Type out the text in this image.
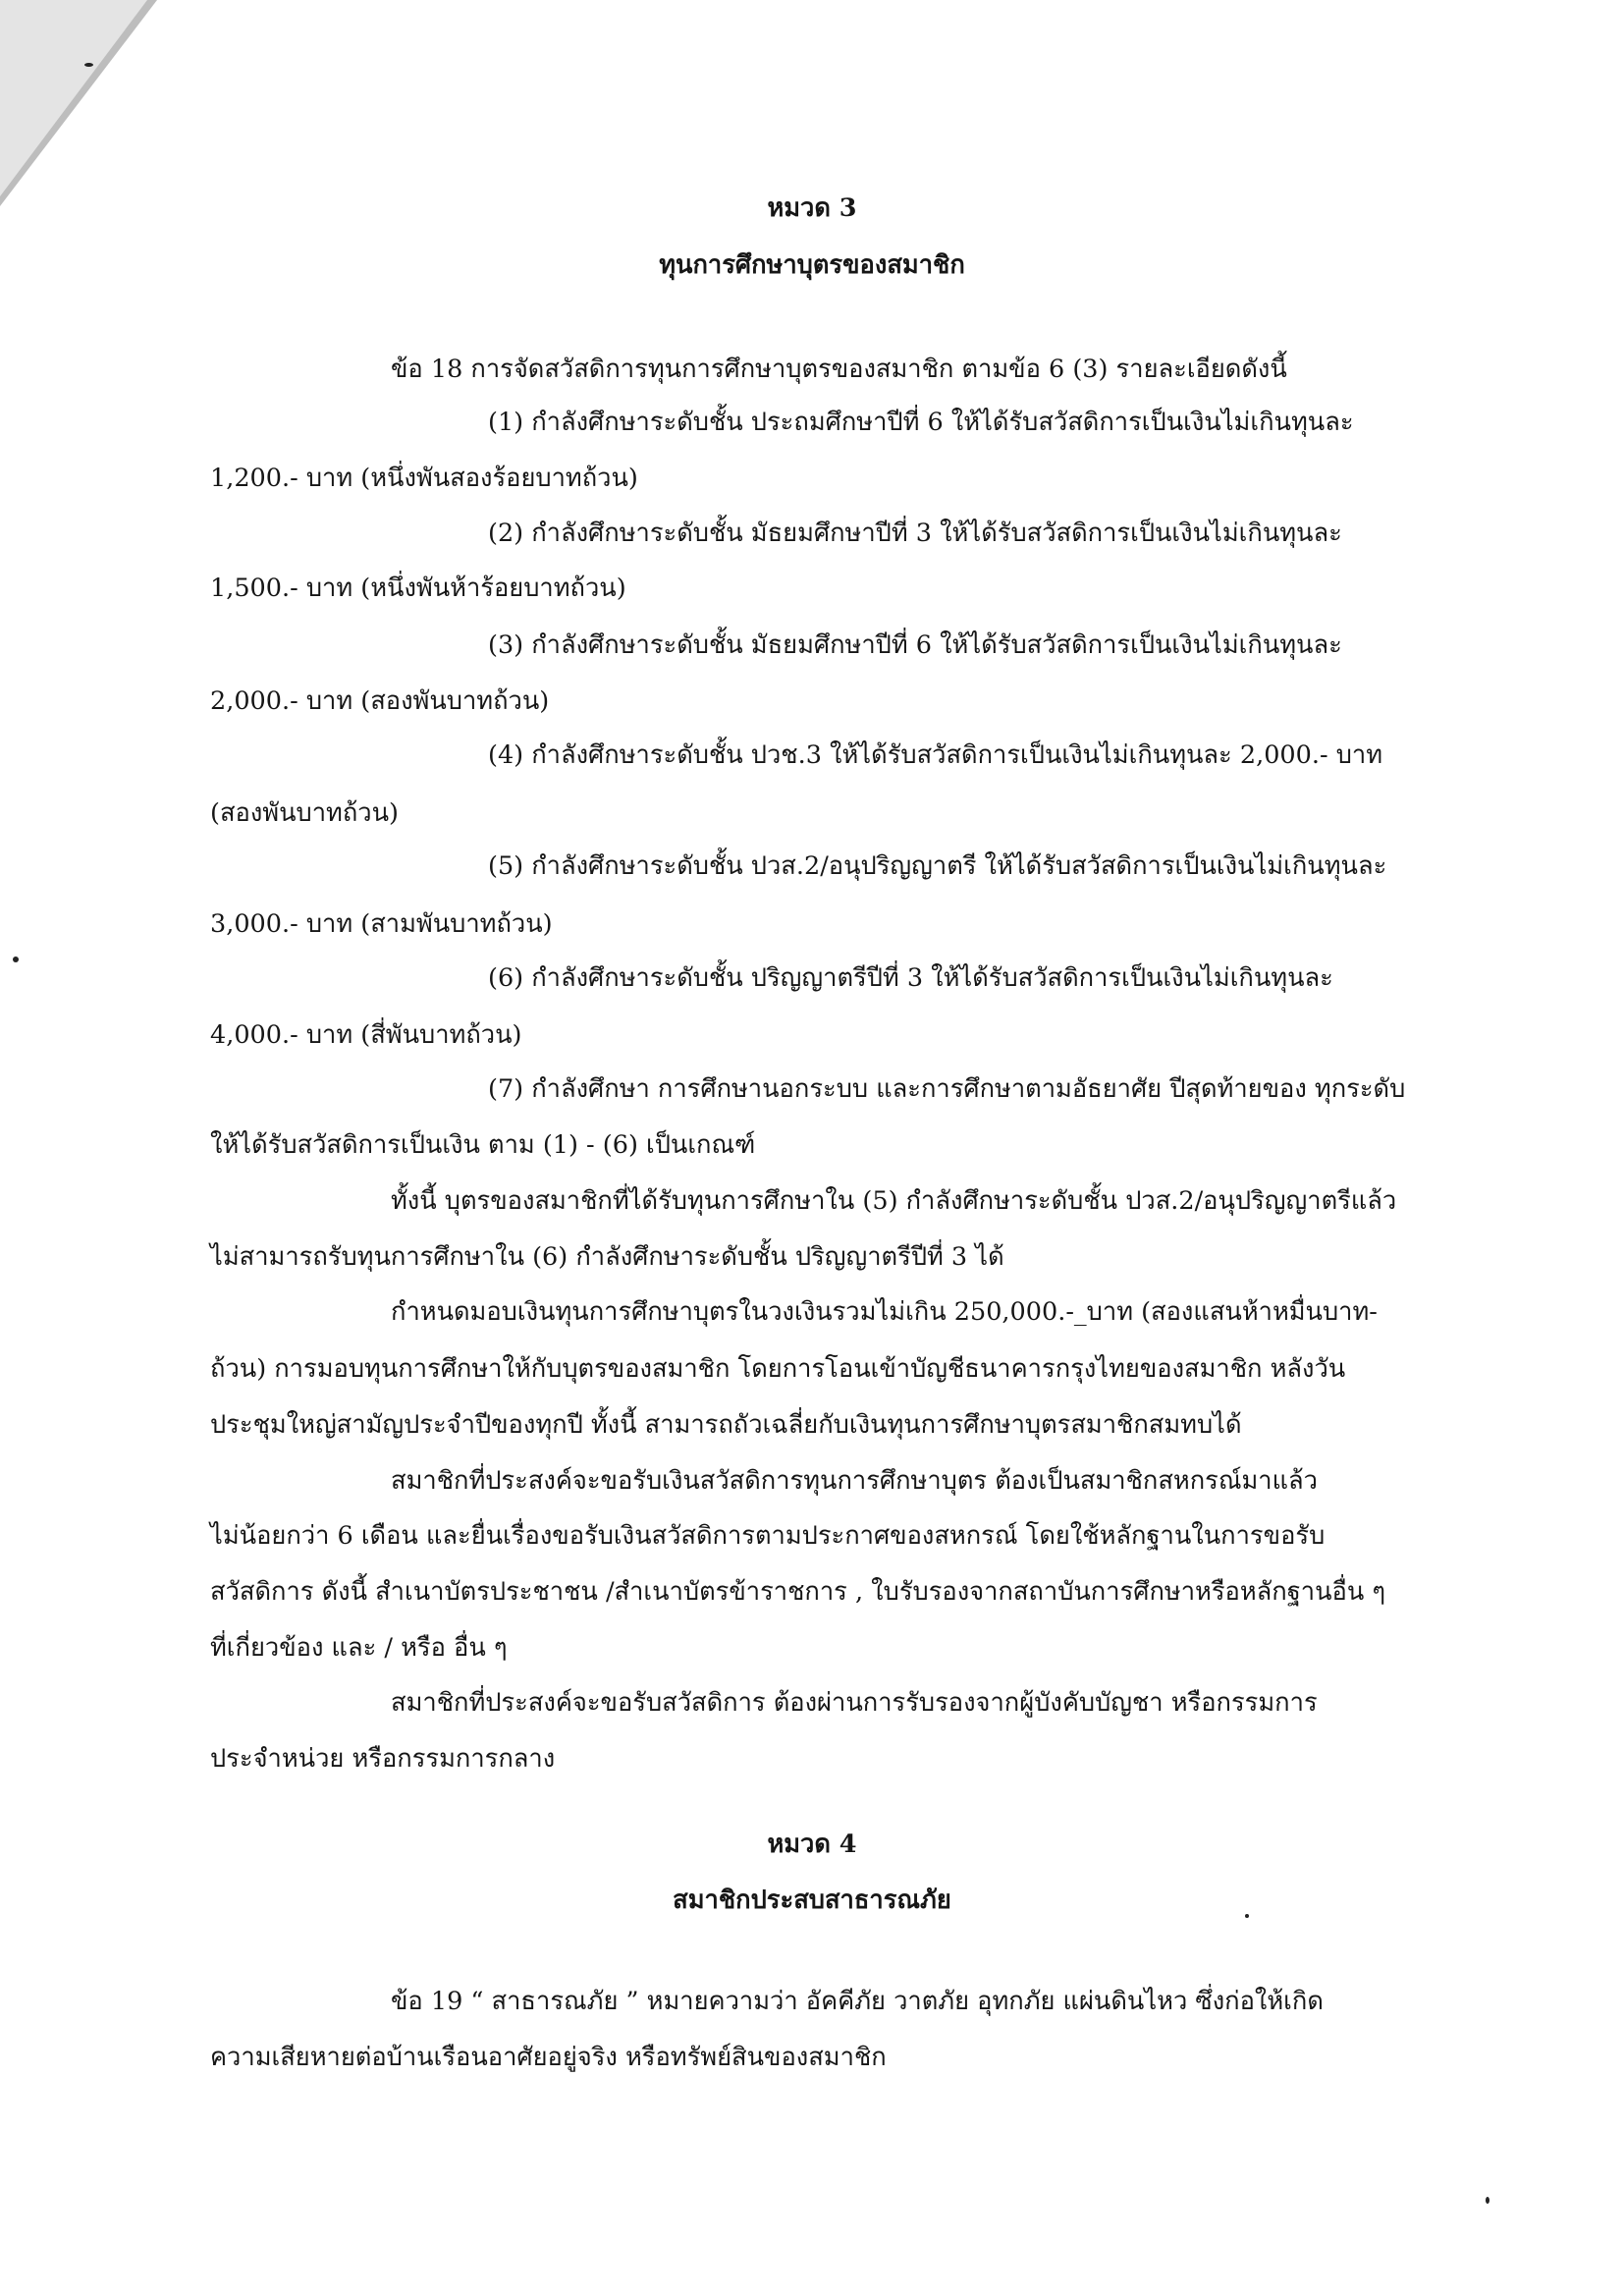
หมวด 3
ทุนการศึกษาบุตรของสมาชิก
ข้อ 18 การจัดสวัสดิการทุนการศึกษาบุตรของสมาชิก ตามข้อ 6 (3) รายละเอียดดังนี้
(1) กำลังศึกษาระดับชั้น ประถมศึกษาปีที่ 6 ให้ได้รับสวัสดิการเป็นเงินไม่เกินทุนละ
1,200.- บาท (หนึ่งพันสองร้อยบาทถ้วน)
(2) กำลังศึกษาระดับชั้น มัธยมศึกษาปีที่ 3 ให้ได้รับสวัสดิการเป็นเงินไม่เกินทุนละ
1,500.- บาท (หนึ่งพันห้าร้อยบาทถ้วน)
(3) กำลังศึกษาระดับชั้น มัธยมศึกษาปีที่ 6 ให้ได้รับสวัสดิการเป็นเงินไม่เกินทุนละ
2,000.- บาท (สองพันบาทถ้วน)
(4) กำลังศึกษาระดับชั้น ปวช.3 ให้ได้รับสวัสดิการเป็นเงินไม่เกินทุนละ 2,000.- บาท
(สองพันบาทถ้วน)
(5) กำลังศึกษาระดับชั้น ปวส.2/อนุปริญญาตรี ให้ได้รับสวัสดิการเป็นเงินไม่เกินทุนละ
3,000.- บาท (สามพันบาทถ้วน)
(6) กำลังศึกษาระดับชั้น ปริญญาตรีปีที่ 3 ให้ได้รับสวัสดิการเป็นเงินไม่เกินทุนละ
4,000.- บาท (สี่พันบาทถ้วน)
(7) กำลังศึกษา การศึกษานอกระบบ และการศึกษาตามอัธยาศัย ปีสุดท้ายของ ทุกระดับ
ให้ได้รับสวัสดิการเป็นเงิน ตาม (1) - (6) เป็นเกณฑ์
ทั้งนี้ บุตรของสมาชิกที่ได้รับทุนการศึกษาใน (5) กำลังศึกษาระดับชั้น ปวส.2/อนุปริญญาตรีแล้ว
ไม่สามารถรับทุนการศึกษาใน (6) กำลังศึกษาระดับชั้น ปริญญาตรีปีที่ 3 ได้
กำหนดมอบเงินทุนการศึกษาบุตรในวงเงินรวมไม่เกิน 250,000.-_บาท (สองแสนห้าหมื่นบาท-
ถ้วน) การมอบทุนการศึกษาให้กับบุตรของสมาชิก โดยการโอนเข้าบัญชีธนาคารกรุงไทยของสมาชิก หลังวัน
ประชุมใหญ่สามัญประจำปีของทุกปี ทั้งนี้ สามารถถัวเฉลี่ยกับเงินทุนการศึกษาบุตรสมาชิกสมทบได้
สมาชิกที่ประสงค์จะขอรับเงินสวัสดิการทุนการศึกษาบุตร ต้องเป็นสมาชิกสหกรณ์มาแล้ว
ไม่น้อยกว่า 6 เดือน และยื่นเรื่องขอรับเงินสวัสดิการตามประกาศของสหกรณ์ โดยใช้หลักฐานในการขอรับ
สวัสดิการ ดังนี้ สำเนาบัตรประชาชน /สำเนาบัตรข้าราชการ , ใบรับรองจากสถาบันการศึกษาหรือหลักฐานอื่น ๆ
ที่เกี่ยวข้อง และ / หรือ อื่น ๆ
สมาชิกที่ประสงค์จะขอรับสวัสดิการ ต้องผ่านการรับรองจากผู้บังคับบัญชา หรือกรรมการ
ประจำหน่วย หรือกรรมการกลาง
หมวด 4
สมาชิกประสบสาธารณภัย
ข้อ 19 “ สาธารณภัย ” หมายความว่า อัคคีภัย วาตภัย อุทกภัย แผ่นดินไหว ซึ่งก่อให้เกิด
ความเสียหายต่อบ้านเรือนอาศัยอยู่จริง หรือทรัพย์สินของสมาชิก
